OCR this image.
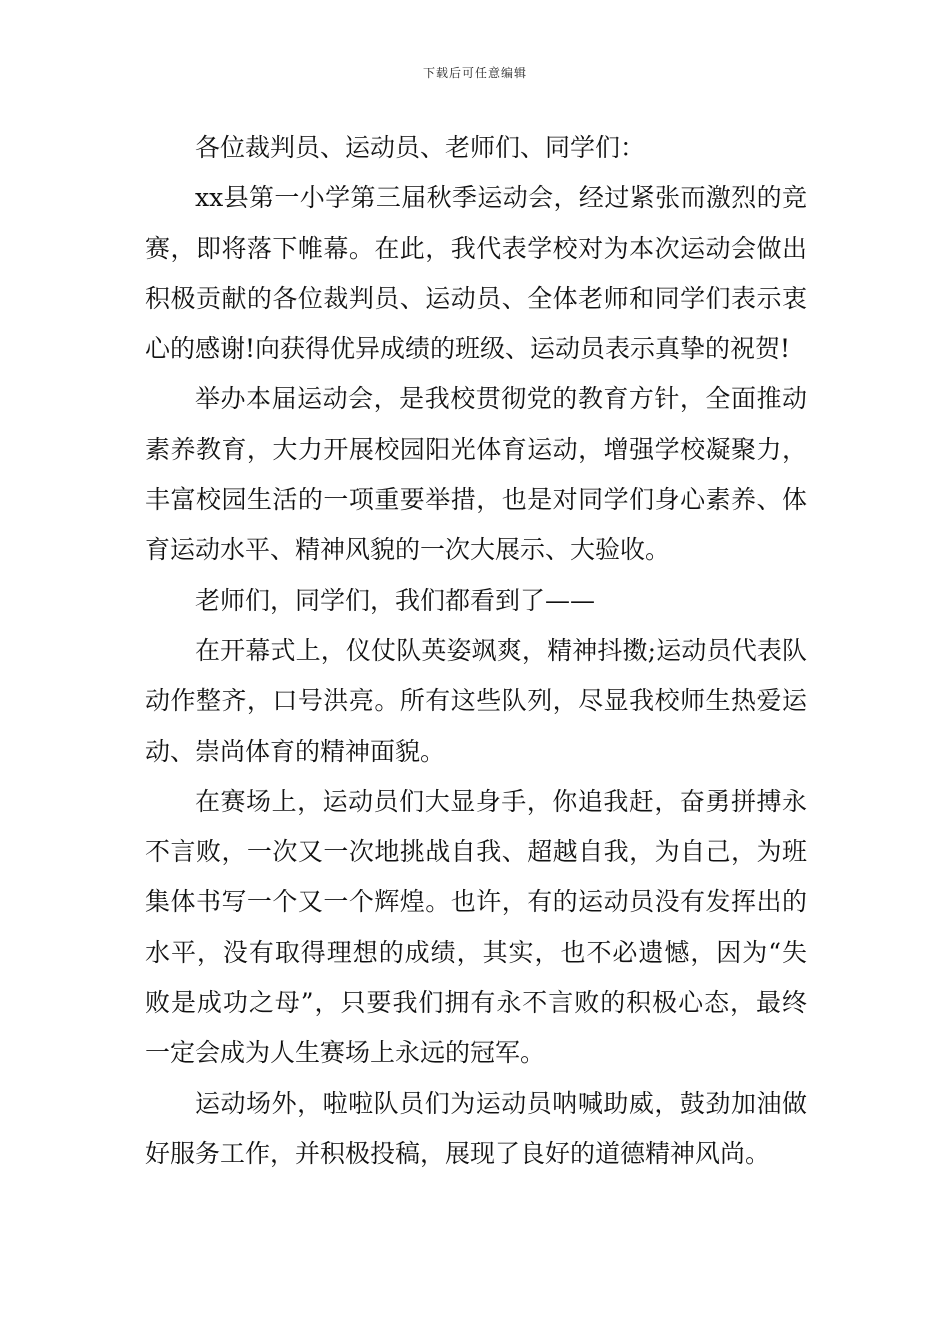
下载后可任意编辑

各位裁判员、运动员、老师们、同学们：

xx县第一小学第三届秋季运动会，经过紧张而激烈的竞赛，即将落下帷幕。在此，我代表学校对为本次运动会做出积极贡献的各位裁判员、运动员、全体老师和同学们表示衷心的感谢!向获得优异成绩的班级、运动员表示真挚的祝贺!

举办本届运动会，是我校贯彻党的教育方针，全面推动素养教育，大力开展校园阳光体育运动，增强学校凝聚力，丰富校园生活的一项重要举措，也是对同学们身心素养、体育运动水平、精神风貌的一次大展示、大验收。

老师们，同学们，我们都看到了——

在开幕式上，仪仗队英姿飒爽，精神抖擞;运动员代表队动作整齐，口号洪亮。所有这些队列，尽显我校师生热爱运动、崇尚体育的精神面貌。

在赛场上，运动员们大显身手，你追我赶，奋勇拼搏永不言败，一次又一次地挑战自我、超越自我，为自己，为班集体书写一个又一个辉煌。也许，有的运动员没有发挥出的水平，没有取得理想的成绩，其实，也不必遗憾，因为“失败是成功之母”，只要我们拥有永不言败的积极心态，最终一定会成为人生赛场上永远的冠军。

运动场外，啦啦队员们为运动员呐喊助威，鼓劲加油做好服务工作，并积极投稿，展现了良好的道德精神风尚。
